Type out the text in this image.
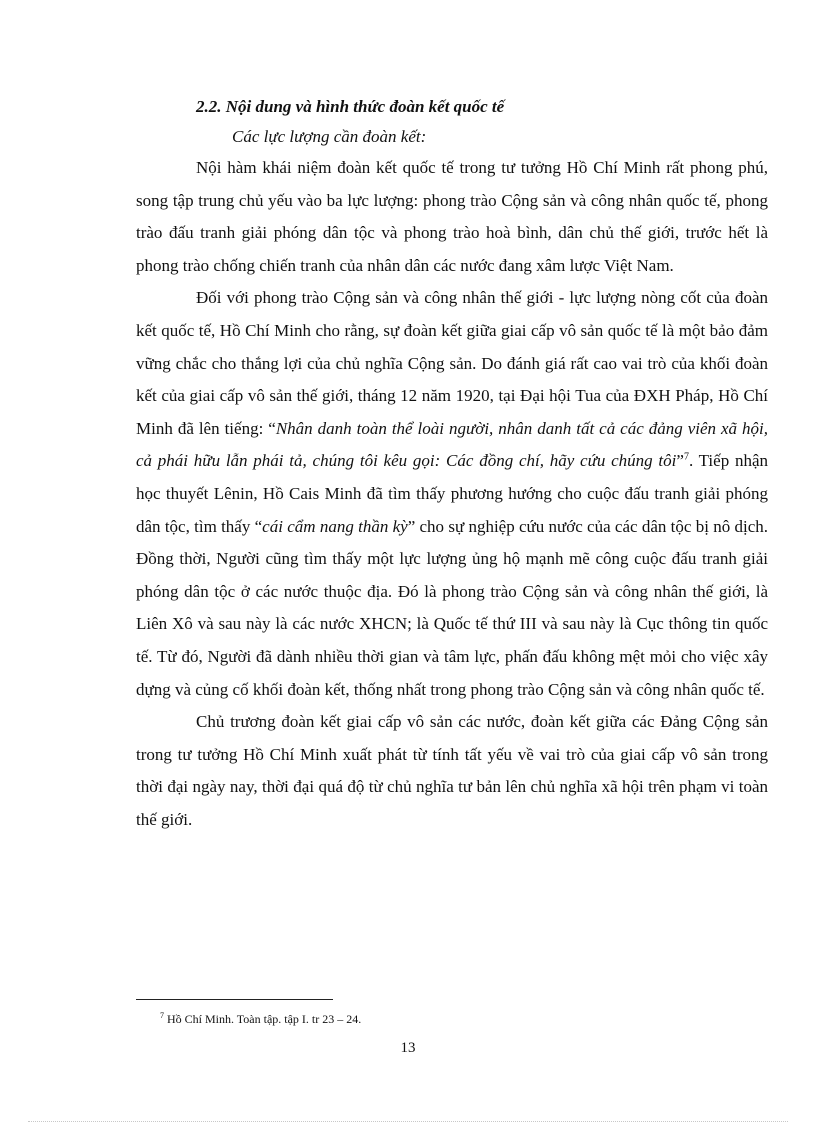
2.2. Nội dung và hình thức đoàn kết quốc tế

Các lực lượng cần đoàn kết:

Nội hàm khái niệm đoàn kết quốc tế trong tư tưởng Hồ Chí Minh rất phong phú, song tập trung chủ yếu vào ba lực lượng: phong trào Cộng sản và công nhân quốc tế, phong trào đấu tranh giải phóng dân tộc và phong trào hoà bình, dân chủ thế giới, trước hết là phong trào chống chiến tranh của nhân dân các nước đang xâm lược Việt Nam.

Đối với phong trào Cộng sản và công nhân thế giới - lực lượng nòng cốt của đoàn kết quốc tế, Hồ Chí Minh cho rằng, sự đoàn kết giữa giai cấp vô sản quốc tế là một bảo đảm vững chắc cho thắng lợi của chủ nghĩa Cộng sản. Do đánh giá rất cao vai trò của khối đoàn kết của giai cấp vô sản thế giới, tháng 12 năm 1920, tại Đại hội Tua của ĐXH Pháp, Hồ Chí Minh đã lên tiếng: “Nhân danh toàn thể loài người, nhân danh tất cả các đảng viên xã hội, cả phái hữu lẫn phái tả, chúng tôi kêu gọi: Các đồng chí, hãy cứu chúng tôi”$^7$. Tiếp nhận học thuyết Lênin, Hồ Cais Minh đã tìm thấy phương hướng cho cuộc đấu tranh giải phóng dân tộc, tìm thấy “cái cẩm nang thần kỳ” cho sự nghiệp cứu nước của các dân tộc bị nô dịch. Đồng thời, Người cũng tìm thấy một lực lượng ủng hộ mạnh mẽ công cuộc đấu tranh giải phóng dân tộc ở các nước thuộc địa. Đó là phong trào Cộng sản và công nhân thế giới, là Liên Xô và sau này là các nước XHCN; là Quốc tế thứ III và sau này là Cục thông tin quốc tế. Từ đó, Người đã dành nhiều thời gian và tâm lực, phấn đấu không mệt mỏi cho việc xây dựng và củng cố khối đoàn kết, thống nhất trong phong trào Cộng sản và công nhân quốc tế.

Chủ trương đoàn kết giai cấp vô sản các nước, đoàn kết giữa các Đảng Cộng sản trong tư tưởng Hồ Chí Minh xuất phát từ tính tất yếu về vai trò của giai cấp vô sản trong thời đại ngày nay, thời đại quá độ từ chủ nghĩa tư bản lên chủ nghĩa xã hội trên phạm vi toàn thế giới.

$^7$ Hồ Chí Minh. Toàn tập. tập I. tr 23 – 24.
13
